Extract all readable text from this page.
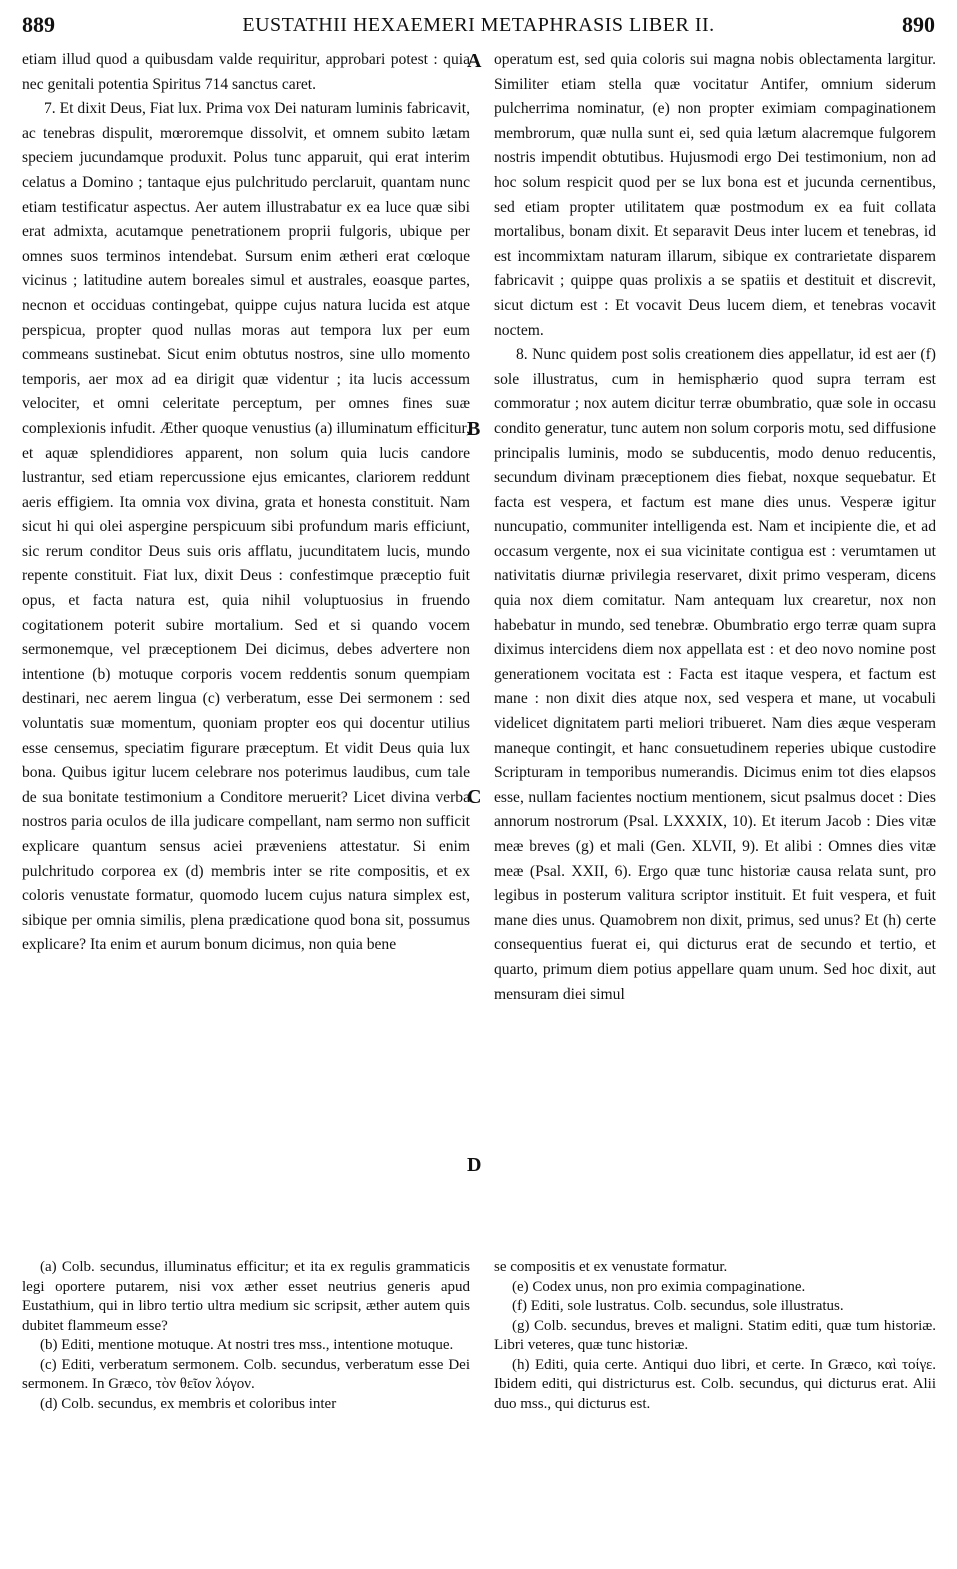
889	EUSTATHII HEXAEMERI METAPHRASIS LIBER II.	890
A
B
C
D

etiam illud quod a quibusdam valde requiritur, approbari potest : quia nec genitali potentia Spiritus 714 sanctus caret.

7. Et dixit Deus, Fiat lux. Prima vox Dei naturam luminis fabricavit, ac tenebras dispulit, mœroremque dissolvit, et omnem subito lætam speciem jucundamque produxit. Polus tunc apparuit, qui erat interim celatus a Domino ; tantaque ejus pulchritudo perclaruit, quantam nunc etiam testificatur aspectus. Aer autem illustrabatur ex ea luce quæ sibi erat admixta, acutamque penetrationem proprii fulgoris, ubique per omnes suos terminos intendebat. Sursum enim ætheri erat cœloque vicinus ; latitudine autem boreales simul et australes, eoasque partes, necnon et occiduas contingebat, quippe cujus natura lucida est atque perspicua, propter quod nullas moras aut tempora lux per eum commeans sustinebat. Sicut enim obtutus nostros, sine ullo momento temporis, aer mox ad ea dirigit quæ videntur ; ita lucis accessum velociter, et omni celeritate perceptum, per omnes fines suæ complexionis infudit. Æther quoque venustius (a) illuminatum efficitur, et aquæ splendidiores apparent, non solum quia lucis candore lustrantur, sed etiam repercussione ejus emicantes, clariorem reddunt aeris effigiem. Ita omnia vox divina, grata et honesta constituit. Nam sicut hi qui olei aspergine perspicuum sibi profundum maris efficiunt, sic rerum conditor Deus suis oris afflatu, jucunditatem lucis, mundo repente constituit. Fiat lux, dixit Deus : confestimque præceptio fuit opus, et facta natura est, quia nihil voluptuosius in fruendo cogitationem poterit subire mortalium. Sed et si quando vocem sermonemque, vel præceptionem Dei dicimus, debes advertere non intentione (b) motuque corporis vocem reddentis sonum quempiam destinari, nec aerem lingua (c) verberatum, esse Dei sermonem : sed voluntatis suæ momentum, quoniam propter eos qui docentur utilius esse censemus, speciatim figurare præceptum. Et vidit Deus quia lux bona. Quibus igitur lucem celebrare nos poterimus laudibus, cum tale de sua bonitate testimonium a Conditore meruerit? Licet divina verba nostros paria oculos de illa judicare compellant, nam sermo non sufficit explicare quantum sensus aciei præveniens attestatur. Si enim pulchritudo corporea ex (d) membris inter se rite compositis, et ex coloris venustate formatur, quomodo lucem cujus natura simplex est, sibique per omnia similis, plena prædicatione quod bona sit, possumus explicare? Ita enim et aurum bonum dicimus, non quia bene

operatum est, sed quia coloris sui magna nobis oblectamenta largitur. Similiter etiam stella quæ vocitatur Antifer, omnium siderum pulcherrima nominatur, (e) non propter eximiam compaginationem membrorum, quæ nulla sunt ei, sed quia lætum alacremque fulgorem nostris impendit obtutibus. Hujusmodi ergo Dei testimonium, non ad hoc solum respicit quod per se lux bona est et jucunda cernentibus, sed etiam propter utilitatem quæ postmodum ex ea fuit collata mortalibus, bonam dixit. Et separavit Deus inter lucem et tenebras, id est incommixtam naturam illarum, sibique ex contrarietate disparem fabricavit ; quippe quas prolixis a se spatiis et destituit et discrevit, sicut dictum est : Et vocavit Deus lucem diem, et tenebras vocavit noctem.

8. Nunc quidem post solis creationem dies appellatur, id est aer (f) sole illustratus, cum in hemisphærio quod supra terram est commoratur ; nox autem dicitur terræ obumbratio, quæ sole in occasu condito generatur, tunc autem non solum corporis motu, sed diffusione principalis luminis, modo se subducentis, modo denuo reducentis, secundum divinam præceptionem dies fiebat, noxque sequebatur. Et facta est vespera, et factum est mane dies unus. Vesperæ igitur nuncupatio, communiter intelligenda est. Nam et incipiente die, et ad occasum vergente, nox ei sua vicinitate contigua est : verumtamen ut nativitatis diurnæ privilegia reservaret, dixit primo vesperam, dicens quia nox diem comitatur. Nam antequam lux crearetur, nox non habebatur in mundo, sed tenebræ. Obumbratio ergo terræ quam supra diximus intercidens diem nox appellata est : et deo novo nomine post generationem vocitata est : Facta est itaque vespera, et factum est mane : non dixit dies atque nox, sed vespera et mane, ut vocabuli videlicet dignitatem parti meliori tribueret. Nam dies æque vesperam maneque contingit, et hanc consuetudinem reperies ubique custodire Scripturam in temporibus numerandis. Dicimus enim tot dies elapsos esse, nullam facientes noctium mentionem, sicut psalmus docet : Dies annorum nostrorum (Psal. LXXXIX, 10). Et iterum Jacob : Dies vitæ meæ breves (g) et mali (Gen. XLVII, 9). Et alibi : Omnes dies vitæ meæ (Psal. XXII, 6). Ergo quæ tunc historiæ causa relata sunt, pro legibus in posterum valitura scriptor instituit. Et fuit vespera, et fuit mane dies unus. Quamobrem non dixit, primus, sed unus? Et (h) certe consequentius fuerat ei, qui dicturus erat de secundo et tertio, et quarto, primum diem potius appellare quam unum. Sed hoc dixit, aut mensuram diei simul

(a) Colb. secundus, illuminatus efficitur; et ita ex regulis grammaticis legi oportere putarem, nisi vox æther esset neutrius generis apud Eustathium, qui in libro tertio ultra medium sic scripsit, æther autem quis dubitet flammeum esse?

(b) Editi, mentione motuque. At nostri tres mss., intentione motuque.

(c) Editi, verberatum sermonem. Colb. secundus, verberatum esse Dei sermonem. In Græco, τὸν θεῖον λόγον.

(d) Colb. secundus, ex membris et coloribus inter

se compositis et ex venustate formatur.

(e) Codex unus, non pro eximia compaginatione.

(f) Editi, sole lustratus. Colb. secundus, sole illustratus.

(g) Colb. secundus, breves et maligni. Statim editi, quæ tum historiæ. Libri veteres, quæ tunc historiæ.

(h) Editi, quia certe. Antiqui duo libri, et certe. In Græco, καὶ τοίγε. Ibidem editi, qui districturus est. Colb. secundus, qui dicturus erat. Alii duo mss., qui dicturus est.
